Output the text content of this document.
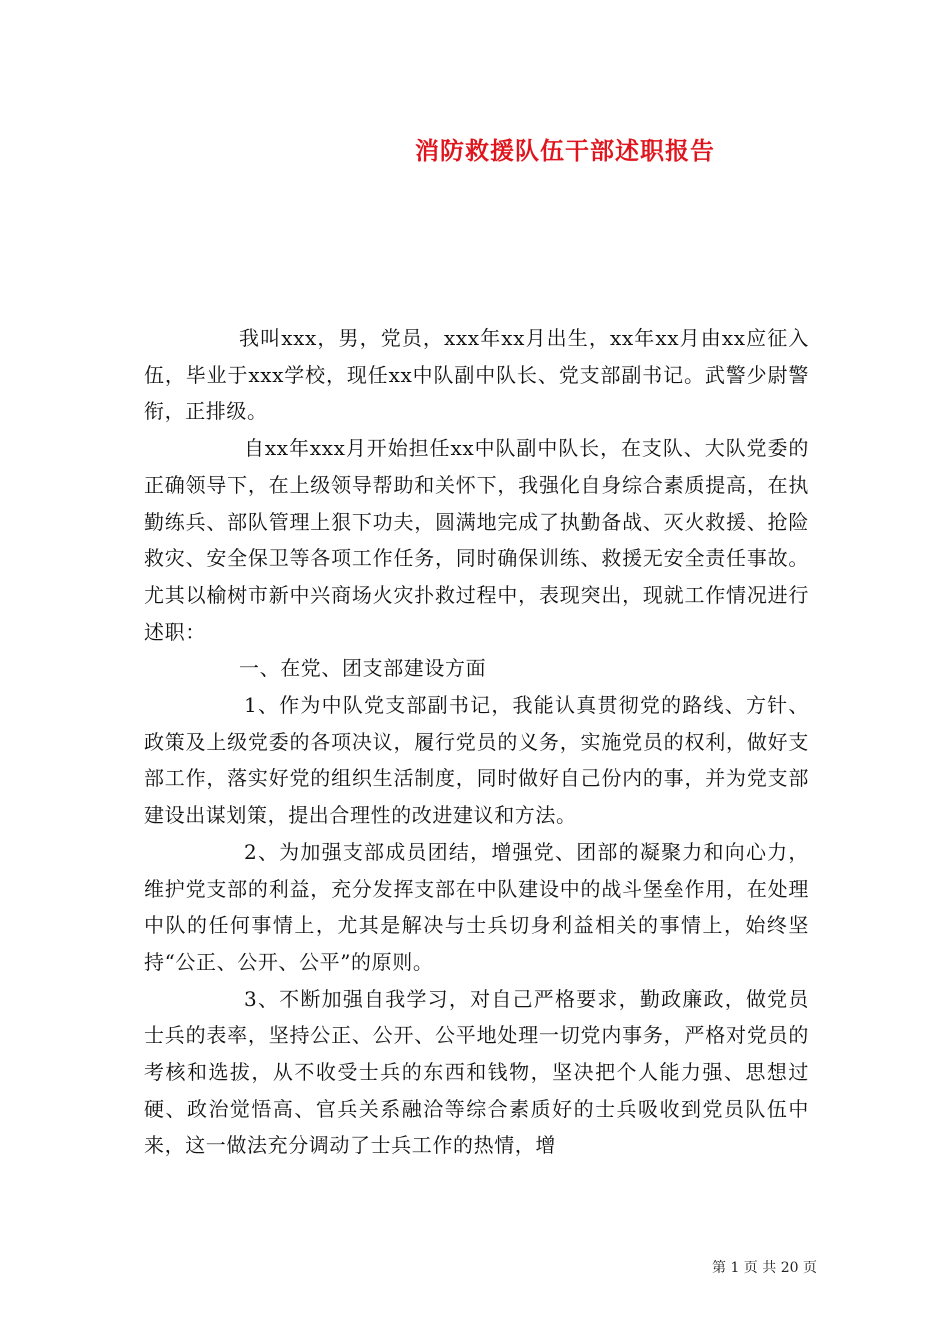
消防救援队伍干部述职报告

我叫xxx，男，党员，xxx年xx月出生，xx年xx月由xx应征入伍，毕业于xxx学校，现任xx中队副中队长、党支部副书记。武警少尉警衔，正排级。

自xx年xxx月开始担任xx中队副中队长，在支队、大队党委的正确领导下，在上级领导帮助和关怀下，我强化自身综合素质提高，在执勤练兵、部队管理上狠下功夫，圆满地完成了执勤备战、灭火救援、抢险救灾、安全保卫等各项工作任务，同时确保训练、救援无安全责任事故。尤其以榆树市新中兴商场火灾扑救过程中，表现突出，现就工作情况进行述职：

一、在党、团支部建设方面

1、作为中队党支部副书记，我能认真贯彻党的路线、方针、政策及上级党委的各项决议，履行党员的义务，实施党员的权利，做好支部工作，落实好党的组织生活制度，同时做好自己份内的事，并为党支部建设出谋划策，提出合理性的改进建议和方法。

2、为加强支部成员团结，增强党、团部的凝聚力和向心力，维护党支部的利益，充分发挥支部在中队建设中的战斗堡垒作用，在处理中队的任何事情上，尤其是解决与士兵切身利益相关的事情上，始终坚持“公正、公开、公平”的原则。

3、不断加强自我学习，对自己严格要求，勤政廉政，做党员士兵的表率，坚持公正、公开、公平地处理一切党内事务，严格对党员的考核和选拔，从不收受士兵的东西和钱物，坚决把个人能力强、思想过硬、政治觉悟高、官兵关系融洽等综合素质好的士兵吸收到党员队伍中来，这一做法充分调动了士兵工作的热情，增

第 1 页 共 20 页
